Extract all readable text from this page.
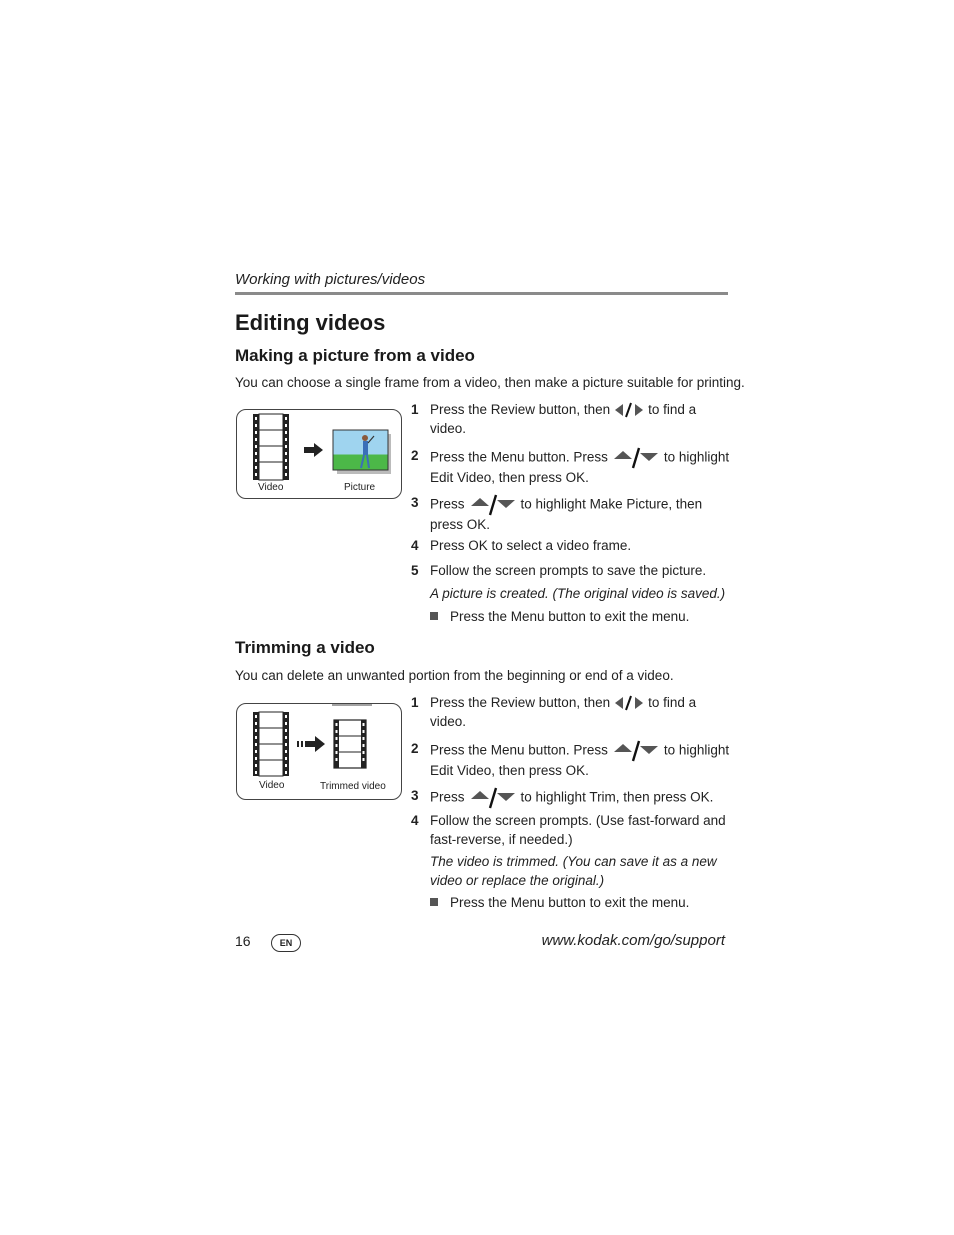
Working with pictures/videos
Editing videos
Making a picture from a video
You can choose a single frame from a video, then make a picture suitable for printing.
Video	Picture
1 Press the Review button, then	to find a video.
2 Press the Menu button. Press	to highlight Edit Video, then press OK.
3 Press	to highlight Make Picture, then press OK.
4 Press OK to select a video frame.
5 Follow the screen prompts to save the picture.
A picture is created. (The original video is saved.)
Press the Menu button to exit the menu.
Trimming a video
You can delete an unwanted portion from the beginning or end of a video.
Video	Trimmed video
1 Press the Review button, then	to find a video.
2 Press the Menu button. Press	to highlight Edit Video, then press OK.
3 Press	to highlight Trim, then press OK.
4 Follow the screen prompts. (Use fast-forward and fast-reverse, if needed.)
The video is trimmed. (You can save it as a new video or replace the original.)
Press the Menu button to exit the menu.
16	EN	www.kodak.com/go/support
